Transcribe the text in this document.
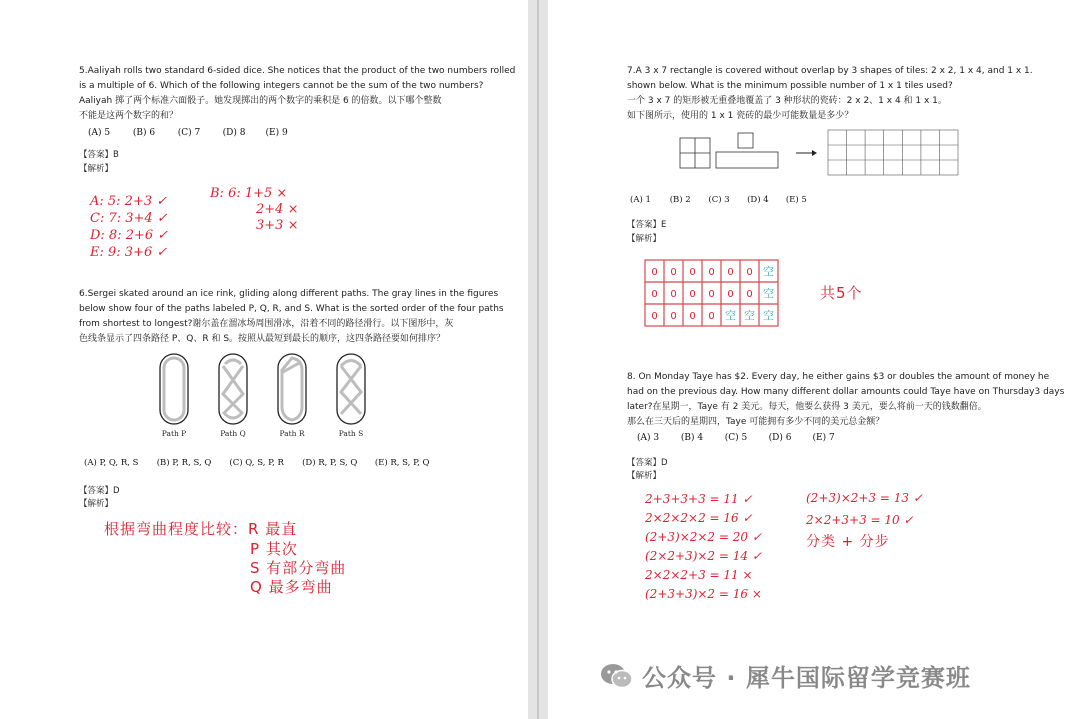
5.Aaliyah rolls two standard 6-sided dice. She notices that the product of the two numbers rolled
is a multiple of 6. Which of the following integers cannot be the sum of the two numbers?
Aaliyah 掷了两个标准六面骰子。她发现掷出的两个数字的乘积是 6 的倍数。以下哪个整数
不能是这两个数字的和？
(A) 5	(B) 6	(C) 7 (D) 8 (E) 9
【答案】B
【解析】
A: 5: 2+3 ✓
C: 7: 3+4 ✓
D: 8: 2+6 ✓
E: 9: 3+6 ✓
B: 6: 1+5 ×
2+4 ×
3+3 ×
6.Sergei skated around an ice rink, gliding along different paths. The gray lines in the figures
below show four of the paths labeled P, Q, R, and S. What is the sorted order of the four paths
from shortest to longest?谢尔盖在溜冰场周围滑冰，沿着不同的路径滑行。以下图形中，灰
色线条显示了四条路径 P、Q、R 和 S。按照从最短到最长的顺序，这四条路径要如何排序？
Path P	Path Q	Path R	Path S
(A) P, Q, R, S (B) P, R, S, Q (C) Q, S, P, R (D) R, P, S, Q (E) R, S, P, Q
【答案】D
【解析】
根据弯曲程度比较：R 最直
P 其次
S 有部分弯曲
Q 最多弯曲
7.A 3 x 7 rectangle is covered without overlap by 3 shapes of tiles: 2 x 2, 1 x 4, and 1 x 1.
shown below. What is the minimum possible number of 1 x 1 tiles used?
一个 3 x 7 的矩形被无重叠地覆盖了 3 种形状的瓷砖：2 x 2、1 x 4 和 1 x 1。
如下图所示，使用的 1 x 1 瓷砖的最少可能数量是多少？
(A) 1 (B) 2 (C) 3 (D) 4 (E) 5
【答案】E
【解析】
0 0 0 0 0 0 空
0 0 0 0 0 0 空
0 0 0 0 空 空 空
共5个
8. On Monday Taye has $2. Every day, he either gains $3 or doubles the amount of money he
had on the previous day. How many different dollar amounts could Taye have on Thursday3 days
later?在星期一，Taye 有 2 美元。每天，他要么获得 3 美元，要么将前一天的钱数翻倍。
那么在三天后的星期四，Taye 可能拥有多少不同的美元总金额？
(A) 3 (B) 4 (C) 5 (D) 6 (E) 7
【答案】D
【解析】
2+3+3+3 = 11 ✓
2×2×2×2 = 16 ✓
(2+3)×2×2 = 20 ✓
(2×2+3)×2 = 14 ✓
2×2×2+3 = 11 ×
(2+3+3)×2 = 16 ×
(2+3)×2+3 = 13 ✓
2×2+3+3 = 10 ✓
分类 + 分步
公众号 · 犀牛国际留学竞赛班
